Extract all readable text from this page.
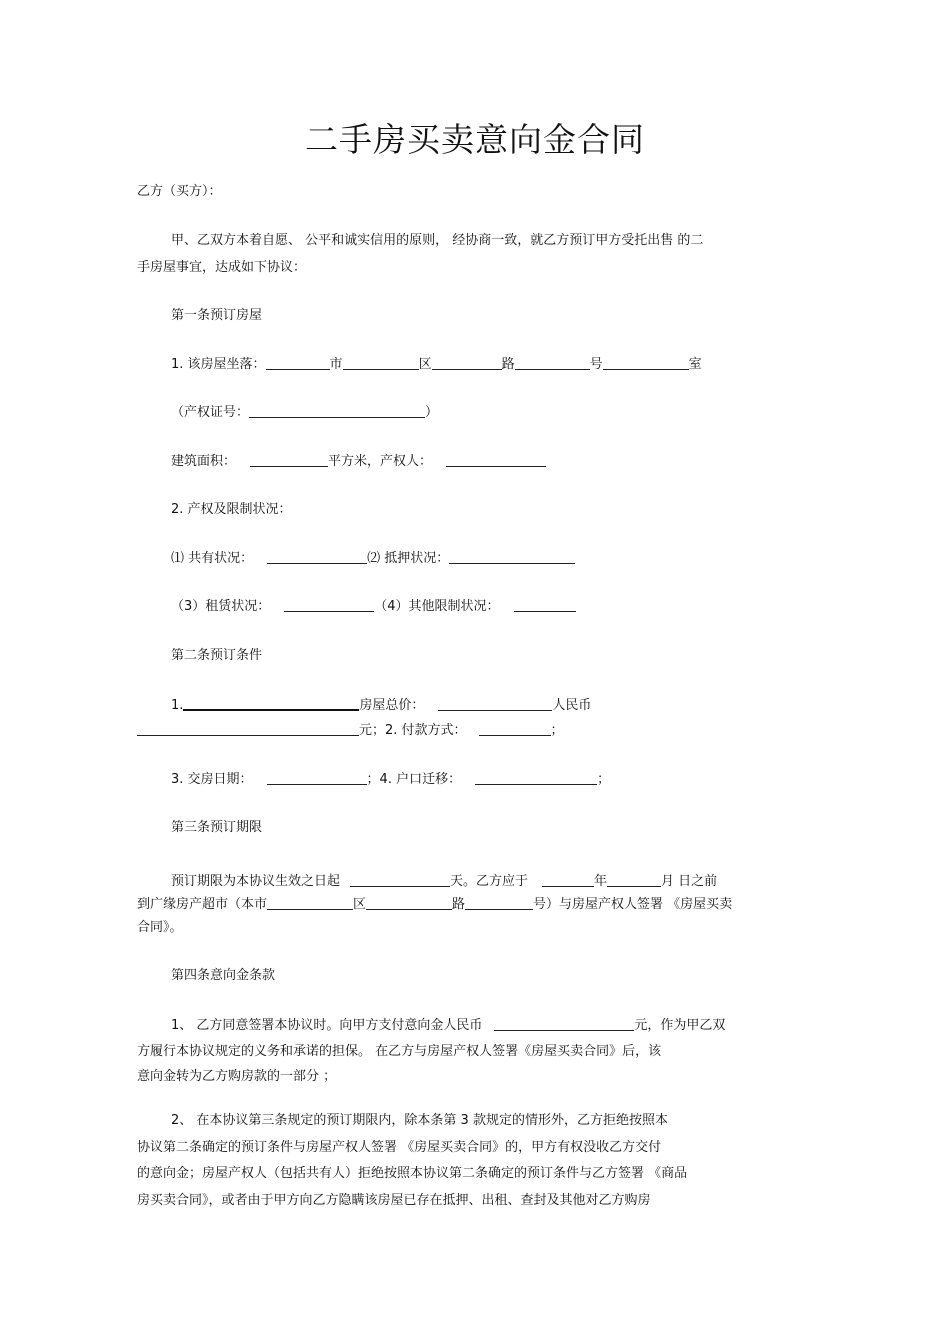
二手房买卖意向金合同
乙方（买方）：
甲、乙双方本着自愿、 公平和诚实信用的原则， 经协商一致，就乙方预订甲方受托出售 的二
手房屋事宜，达成如下协议：
第一条预订房屋
1. 该房屋坐落：	市	区	路	号	室
（产权证号：	）
建筑面积：	平方米，产权人：
2. 产权及限制状况：
⑴ 共有状况：	⑵ 抵押状况：
（3）租赁状况：	（4）其他限制状况：
第二条预订条件
1.	房屋总价：	人民币
元；2. 付款方式：	；
3. 交房日期：	；4. 户口迁移：	；
第三条预订期限
预订期限为本协议生效之日起	天。乙方应于	年	月 日之前
到广缘房产超市（本市	区	路	号）与房屋产权人签署 《房屋买卖
合同》。
第四条意向金条款
1、 乙方同意签署本协议时。向甲方支付意向金人民币	元，作为甲乙双
方履行本协议规定的义务和承诺的担保。 在乙方与房屋产权人签署《房屋买卖合同》后，该
意向金转为乙方购房款的一部分 ；
2、 在本协议第三条规定的预订期限内，除本条第 3 款规定的情形外，乙方拒绝按照本
协议第二条确定的预订条件与房屋产权人签署 《房屋买卖合同》的，甲方有权没收乙方交付
的意向金；房屋产权人（包括共有人）拒绝按照本协议第二条确定的预订条件与乙方签署 《商品
房买卖合同》，或者由于甲方向乙方隐瞒该房屋已存在抵押、出租、查封及其他对乙方购房
